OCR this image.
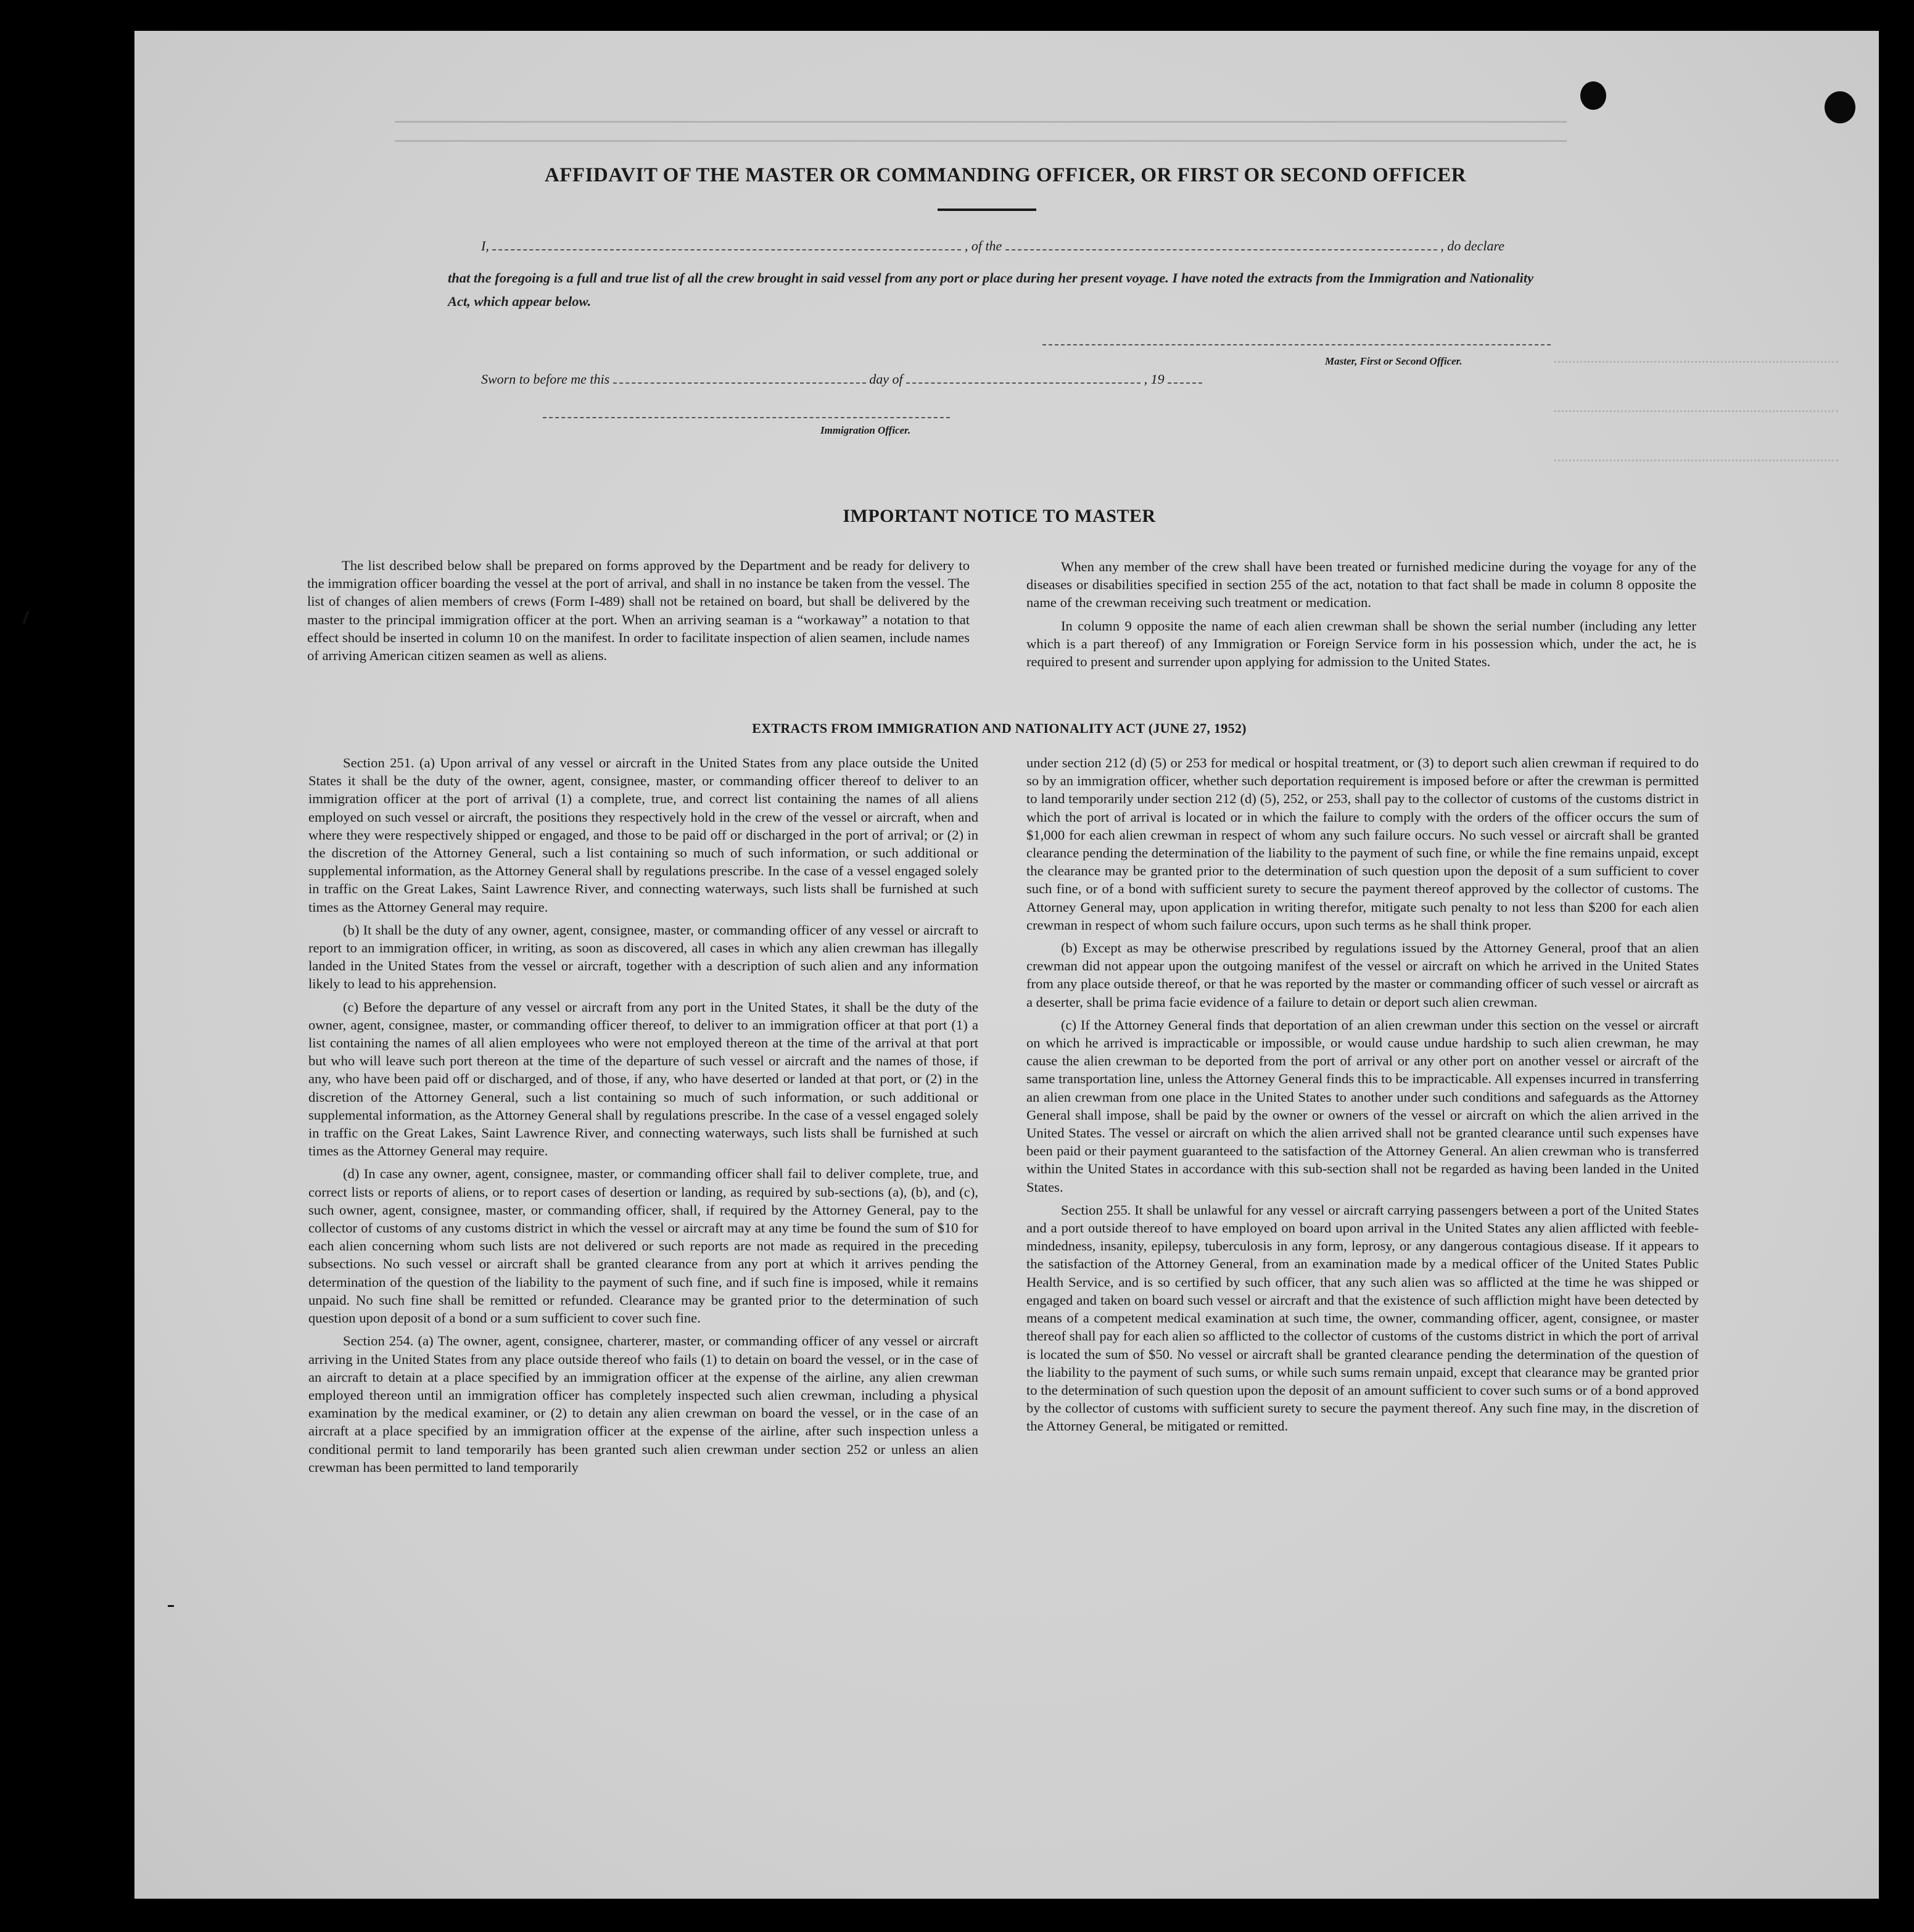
AFFIDAVIT OF THE MASTER OR COMMANDING OFFICER, OR FIRST OR SECOND OFFICER
I,	, of the	, do declare
that the foregoing is a full and true list of all the crew brought in said vessel from any port or place during her present voyage. I have noted the extracts from the Immigration and Nationality Act, which appear below.
Master, First or Second Officer.
Sworn to before me this	day of	, 19
Immigration Officer.
IMPORTANT NOTICE TO MASTER

The list described below shall be prepared on forms approved by the Department and be ready for delivery to the immigration officer boarding the vessel at the port of arrival, and shall in no instance be taken from the vessel. The list of changes of alien members of crews (Form I-489) shall not be retained on board, but shall be delivered by the master to the principal immigration officer at the port. When an arriving seaman is a “workaway” a notation to that effect should be inserted in column 10 on the manifest. In order to facilitate inspection of alien seamen, include names of arriving American citizen seamen as well as aliens.

When any member of the crew shall have been treated or furnished medicine during the voyage for any of the diseases or disabilities specified in section 255 of the act, notation to that fact shall be made in column 8 opposite the name of the crewman receiving such treatment or medication.

In column 9 opposite the name of each alien crewman shall be shown the serial number (including any letter which is a part thereof) of any Immigration or Foreign Service form in his possession which, under the act, he is required to present and surrender upon applying for admission to the United States.

EXTRACTS FROM IMMIGRATION AND NATIONALITY ACT (JUNE 27, 1952)

Section 251. (a) Upon arrival of any vessel or aircraft in the United States from any place outside the United States it shall be the duty of the owner, agent, consignee, master, or commanding officer thereof to deliver to an immigration officer at the port of arrival (1) a complete, true, and correct list containing the names of all aliens employed on such vessel or aircraft, the positions they respectively hold in the crew of the vessel or aircraft, when and where they were respectively shipped or engaged, and those to be paid off or discharged in the port of arrival; or (2) in the discretion of the Attorney General, such a list containing so much of such information, or such additional or supplemental information, as the Attorney General shall by regulations prescribe. In the case of a vessel engaged solely in traffic on the Great Lakes, Saint Lawrence River, and connecting waterways, such lists shall be furnished at such times as the Attorney General may require.

(b) It shall be the duty of any owner, agent, consignee, master, or commanding officer of any vessel or aircraft to report to an immigration officer, in writing, as soon as discovered, all cases in which any alien crewman has illegally landed in the United States from the vessel or aircraft, together with a description of such alien and any information likely to lead to his apprehension.

(c) Before the departure of any vessel or aircraft from any port in the United States, it shall be the duty of the owner, agent, consignee, master, or commanding officer thereof, to deliver to an immigration officer at that port (1) a list containing the names of all alien employees who were not employed thereon at the time of the arrival at that port but who will leave such port thereon at the time of the departure of such vessel or aircraft and the names of those, if any, who have been paid off or discharged, and of those, if any, who have deserted or landed at that port, or (2) in the discretion of the Attorney General, such a list containing so much of such information, or such additional or supplemental information, as the Attorney General shall by regulations prescribe. In the case of a vessel engaged solely in traffic on the Great Lakes, Saint Lawrence River, and connecting waterways, such lists shall be furnished at such times as the Attorney General may require.

(d) In case any owner, agent, consignee, master, or commanding officer shall fail to deliver complete, true, and correct lists or reports of aliens, or to report cases of desertion or landing, as required by sub-sections (a), (b), and (c), such owner, agent, consignee, master, or commanding officer, shall, if required by the Attorney General, pay to the collector of customs of any customs district in which the vessel or aircraft may at any time be found the sum of $10 for each alien concerning whom such lists are not delivered or such reports are not made as required in the preceding subsections. No such vessel or aircraft shall be granted clearance from any port at which it arrives pending the determination of the question of the liability to the payment of such fine, and if such fine is imposed, while it remains unpaid. No such fine shall be remitted or refunded. Clearance may be granted prior to the determination of such question upon deposit of a bond or a sum sufficient to cover such fine.

Section 254. (a) The owner, agent, consignee, charterer, master, or commanding officer of any vessel or aircraft arriving in the United States from any place outside thereof who fails (1) to detain on board the vessel, or in the case of an aircraft to detain at a place specified by an immigration officer at the expense of the airline, any alien crewman employed thereon until an immigration officer has completely inspected such alien crewman, including a physical examination by the medical examiner, or (2) to detain any alien crewman on board the vessel, or in the case of an aircraft at a place specified by an immigration officer at the expense of the airline, after such inspection unless a conditional permit to land temporarily has been granted such alien crewman under section 252 or unless an alien crewman has been permitted to land temporarily

under section 212 (d) (5) or 253 for medical or hospital treatment, or (3) to deport such alien crewman if required to do so by an immigration officer, whether such deportation requirement is imposed before or after the crewman is permitted to land temporarily under section 212 (d) (5), 252, or 253, shall pay to the collector of customs of the customs district in which the port of arrival is located or in which the failure to comply with the orders of the officer occurs the sum of $1,000 for each alien crewman in respect of whom any such failure occurs. No such vessel or aircraft shall be granted clearance pending the determination of the liability to the payment of such fine, or while the fine remains unpaid, except the clearance may be granted prior to the determination of such question upon the deposit of a sum sufficient to cover such fine, or of a bond with sufficient surety to secure the payment thereof approved by the collector of customs. The Attorney General may, upon application in writing therefor, mitigate such penalty to not less than $200 for each alien crewman in respect of whom such failure occurs, upon such terms as he shall think proper.

(b) Except as may be otherwise prescribed by regulations issued by the Attorney General, proof that an alien crewman did not appear upon the outgoing manifest of the vessel or aircraft on which he arrived in the United States from any place outside thereof, or that he was reported by the master or commanding officer of such vessel or aircraft as a deserter, shall be prima facie evidence of a failure to detain or deport such alien crewman.

(c) If the Attorney General finds that deportation of an alien crewman under this section on the vessel or aircraft on which he arrived is impracticable or impossible, or would cause undue hardship to such alien crewman, he may cause the alien crewman to be deported from the port of arrival or any other port on another vessel or aircraft of the same transportation line, unless the Attorney General finds this to be impracticable. All expenses incurred in transferring an alien crewman from one place in the United States to another under such conditions and safeguards as the Attorney General shall impose, shall be paid by the owner or owners of the vessel or aircraft on which the alien arrived in the United States. The vessel or aircraft on which the alien arrived shall not be granted clearance until such expenses have been paid or their payment guaranteed to the satisfaction of the Attorney General. An alien crewman who is transferred within the United States in accordance with this sub-section shall not be regarded as having been landed in the United States.

Section 255. It shall be unlawful for any vessel or aircraft carrying passengers between a port of the United States and a port outside thereof to have employed on board upon arrival in the United States any alien afflicted with feeble-mindedness, insanity, epilepsy, tuberculosis in any form, leprosy, or any dangerous contagious disease. If it appears to the satisfaction of the Attorney General, from an examination made by a medical officer of the United States Public Health Service, and is so certified by such officer, that any such alien was so afflicted at the time he was shipped or engaged and taken on board such vessel or aircraft and that the existence of such affliction might have been detected by means of a competent medical examination at such time, the owner, commanding officer, agent, consignee, or master thereof shall pay for each alien so afflicted to the collector of customs of the customs district in which the port of arrival is located the sum of $50. No vessel or aircraft shall be granted clearance pending the determination of the question of the liability to the payment of such sums, or while such sums remain unpaid, except that clearance may be granted prior to the determination of such question upon the deposit of an amount sufficient to cover such sums or of a bond approved by the collector of customs with sufficient surety to secure the payment thereof. Any such fine may, in the discretion of the Attorney General, be mitigated or remitted.
